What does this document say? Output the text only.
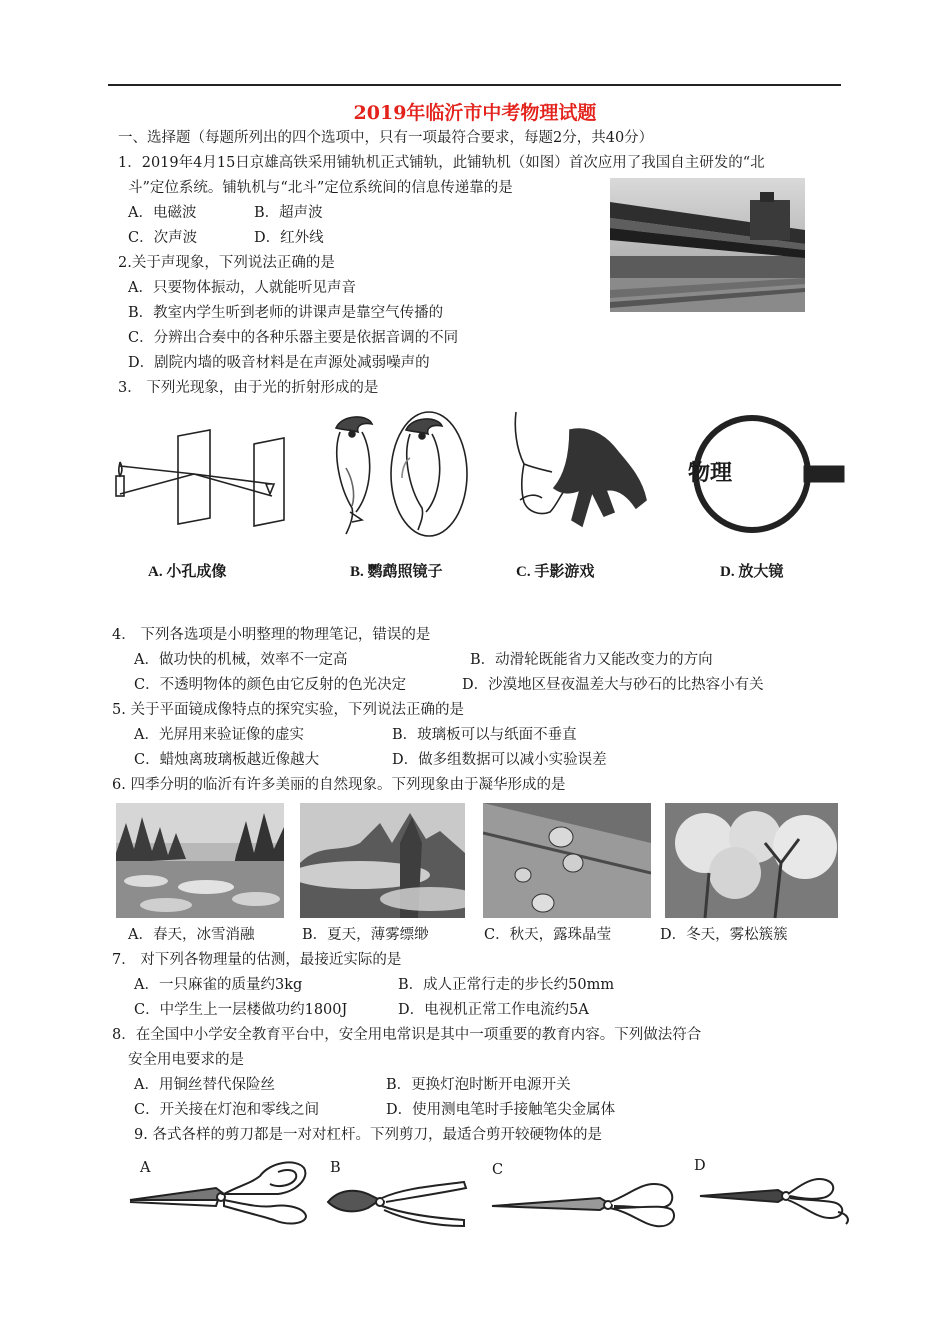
2019年临沂市中考物理试题
一、选择题（每题所列出的四个选项中，只有一项最符合要求，每题2分，共40分）
1．2019年4月15日京雄高铁采用铺轨机正式铺轨，此铺轨机（如图）首次应用了我国自主研发的“北
斗”定位系统。铺轨机与“北斗”定位系统间的信息传递靠的是
A．电磁波	B．超声波
C．次声波	D．红外线
2.关于声现象，下列说法正确的是
A．只要物体振动，人就能听见声音
B．教室内学生听到老师的讲课声是靠空气传播的
C．分辨出合奏中的各种乐器主要是依据音调的不同
D．剧院内墙的吸音材料是在声源处减弱噪声的
3． 下列光现象，由于光的折射形成的是
物理
A. 小孔成像	B. 鹦鹉照镜子	C. 手影游戏	D. 放大镜
4． 下列各选项是小明整理的物理笔记，错误的是
A．做功快的机械，效率不一定高	B．动滑轮既能省力又能改变力的方向
C．不透明物体的颜色由它反射的色光决定	D．沙漠地区昼夜温差大与砂石的比热容小有关
5. 关于平面镜成像特点的探究实验，下列说法正确的是
A．光屏用来验证像的虚实	B．玻璃板可以与纸面不垂直
C．蜡烛离玻璃板越近像越大	D．做多组数据可以减小实验误差
6. 四季分明的临沂有许多美丽的自然现象。下列现象由于凝华形成的是
A．春天，冰雪消融	B．夏天，薄雾缥缈	C．秋天，露珠晶莹	D．冬天，雾松簇簇
7． 对下列各物理量的估测，最接近实际的是
A．一只麻雀的质量约3kg	B．成人正常行走的步长约50mm
C．中学生上一层楼做功约1800J	D．电视机正常工作电流约5A
8．在全国中小学安全教育平台中，安全用电常识是其中一项重要的教育内容。下列做法符合
安全用电要求的是
A．用铜丝替代保险丝	B．更换灯泡时断开电源开关
C．开关接在灯泡和零线之间	D．使用测电笔时手接触笔尖金属体
9. 各式各样的剪刀都是一对对杠杆。下列剪刀，最适合剪开较硬物体的是
A	B	C	D
